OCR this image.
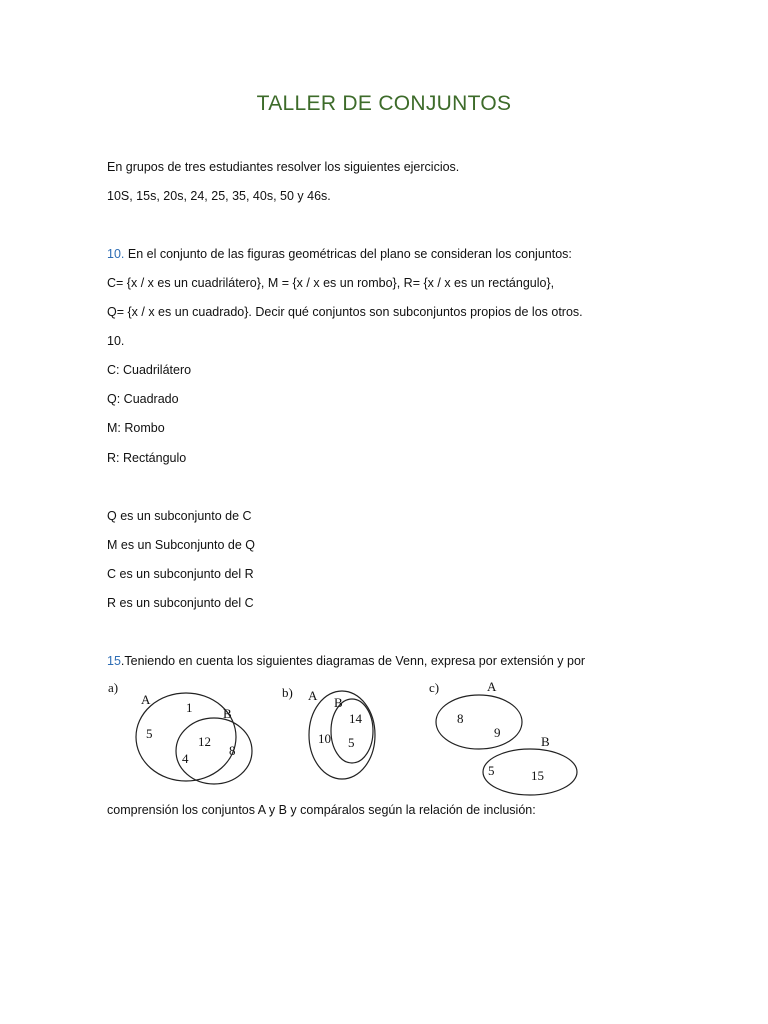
TALLER DE CONJUNTOS
En grupos de tres estudiantes resolver los siguientes ejercicios.
10S, 15s, 20s, 24, 25, 35, 40s, 50 y 46s.
10. En el conjunto de las figuras geométricas del plano se consideran los conjuntos:
C= {x / x es un cuadrilátero}, M = {x / x es un rombo}, R= {x / x es un rectángulo},
Q= {x / x es un cuadrado}. Decir qué conjuntos son subconjuntos propios de los otros.
10.
C: Cuadrilátero
Q: Cuadrado
M: Rombo
R: Rectángulo
Q es un subconjunto de C
M es un Subconjunto de Q
C es un subconjunto del R
R es un subconjunto del C
15.Teniendo en cuenta los siguientes diagramas de Venn, expresa por extensión y por
a)
A
B
1
5
12
4
8
b) A B
14
10 5
c)	A
B
8
9
5	15
comprensión los conjuntos A y B y compáralos según la relación de inclusión:
